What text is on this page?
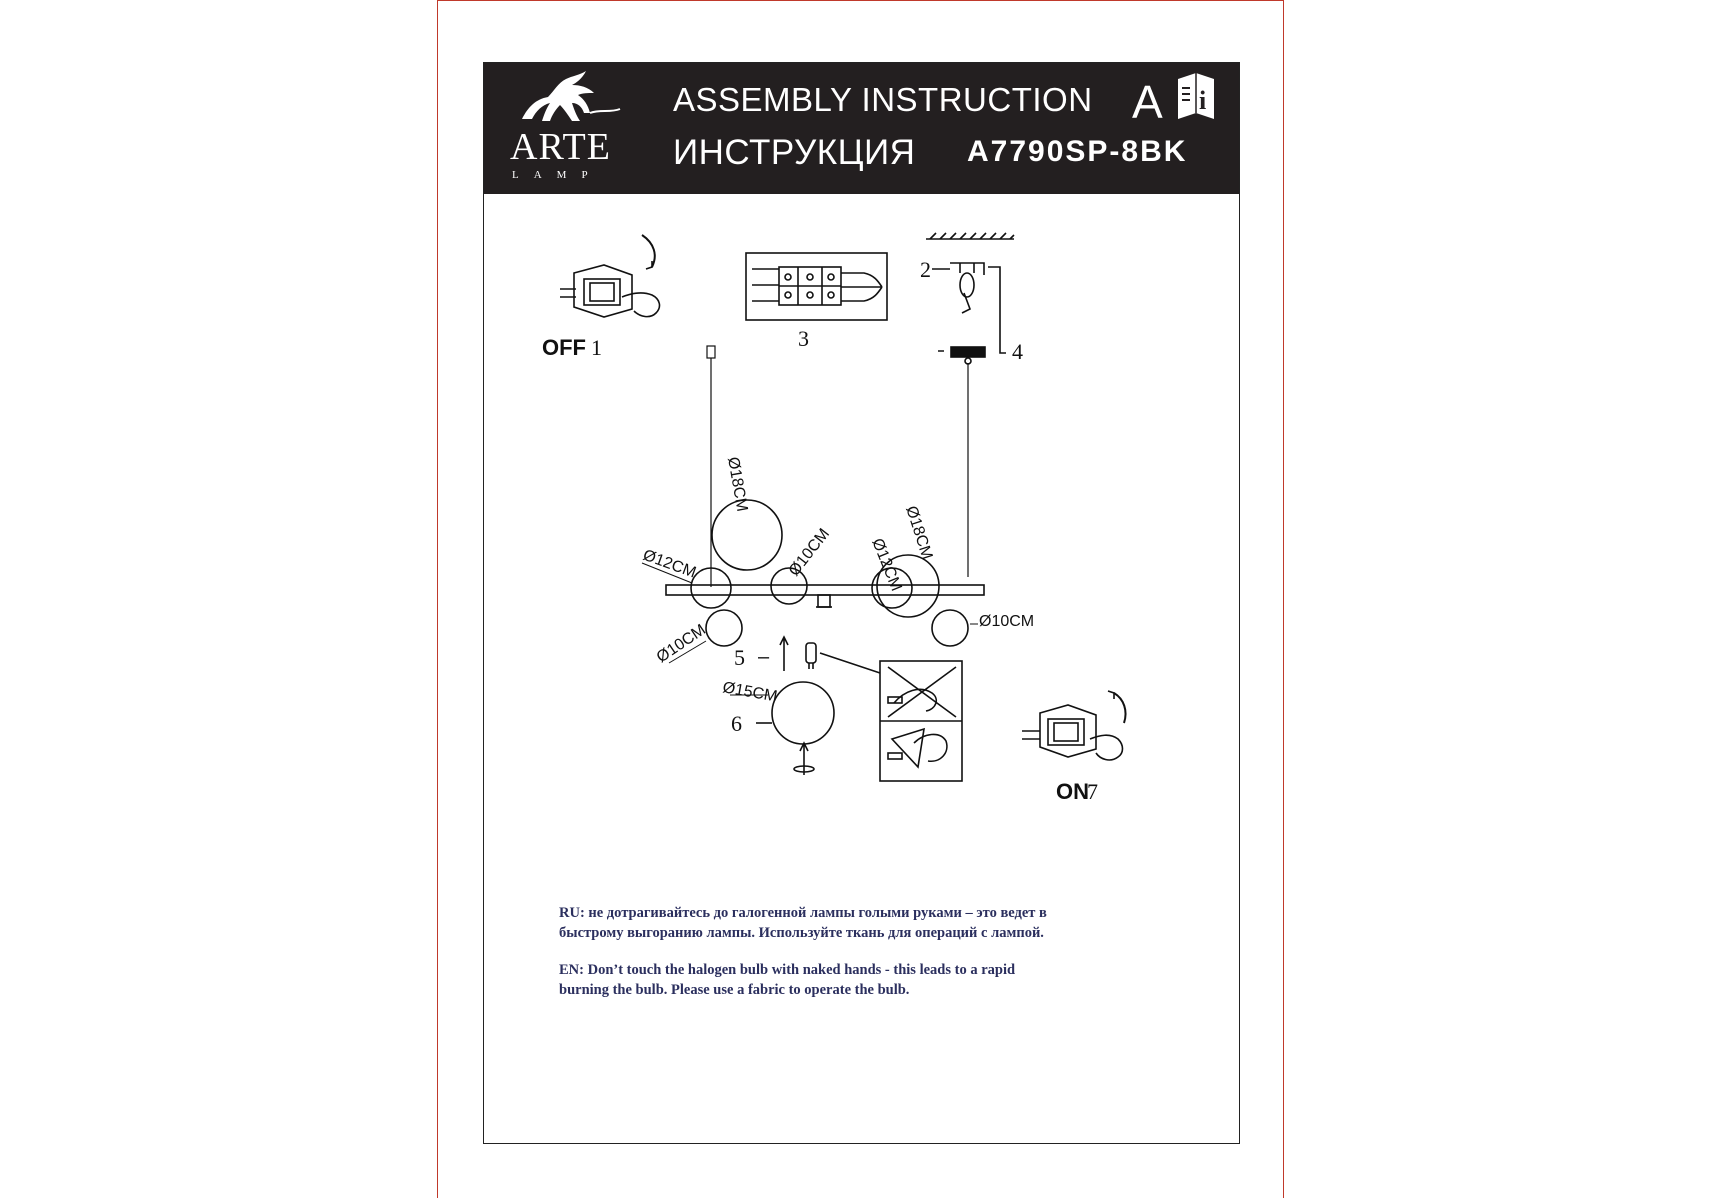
ARTE
LAMP
ASSEMBLY INSTRUCTION
ИНСТРУКЦИЯ A7790SP-8BK
A i
OFF 1	3
2
4
Ø18CM
Ø12CM	Ø10CM Ø12CM
Ø18CM
Ø10CM
Ø10CM
Ø15CM
5 –
6
ON
7
RU: не дотрагивайтесь до галогенной лампы голыми руками – это ведет в
быстрому выгоранию лампы. Используйте ткань для операций с лампой.
EN: Don’t touch the halogen bulb with naked hands - this leads to a rapid
burning the bulb. Please use a fabric to operate the bulb.
